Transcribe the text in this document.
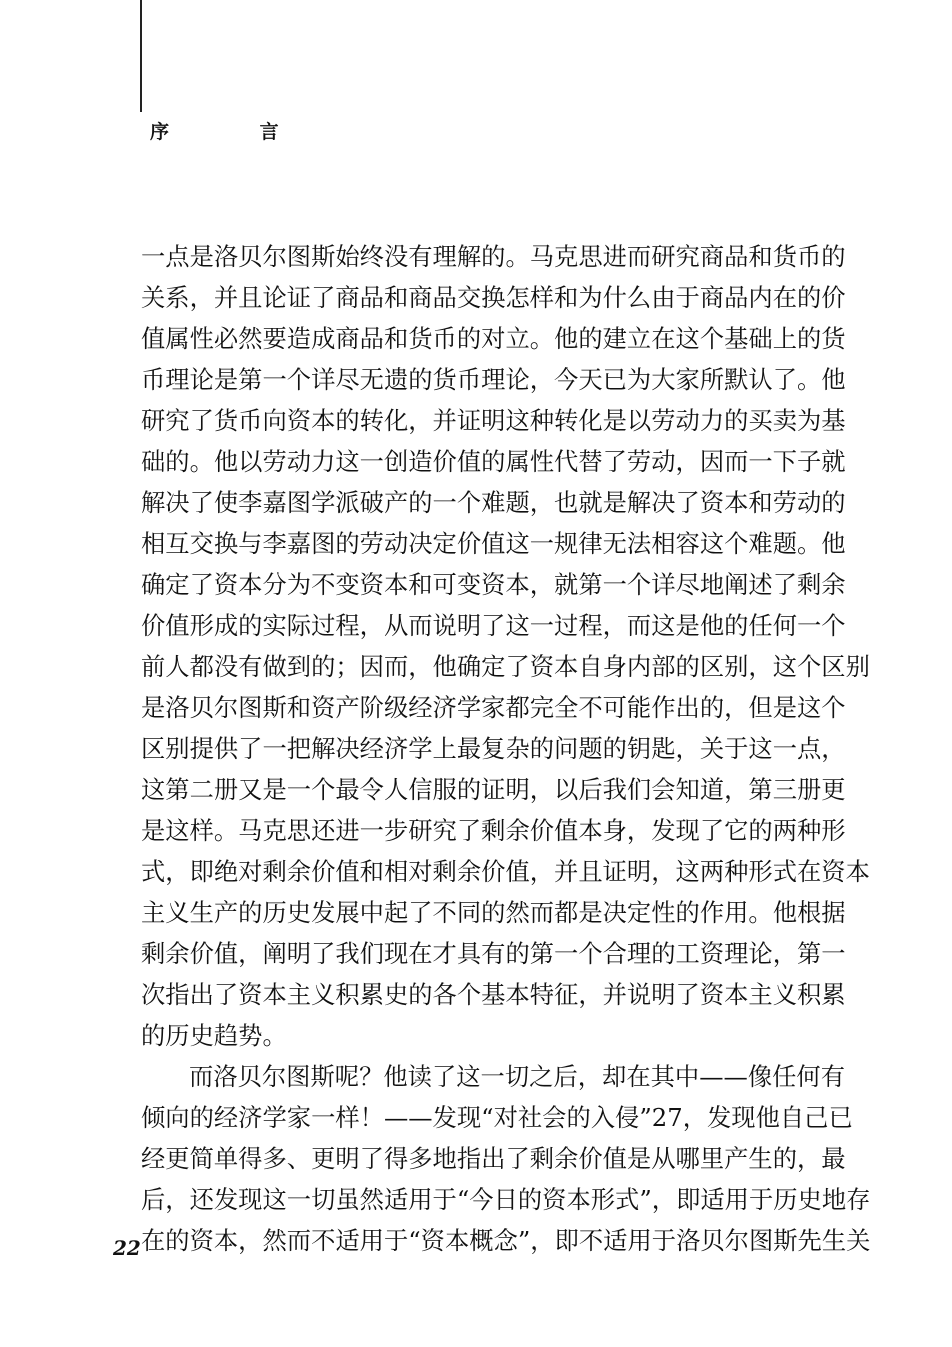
序 言

一点是洛贝尔图斯始终没有理解的。马克思进而研究商品和货币的
关系，并且论证了商品和商品交换怎样和为什么由于商品内在的价
值属性必然要造成商品和货币的对立。他的建立在这个基础上的货
币理论是第一个详尽无遗的货币理论，今天已为大家所默认了。他
研究了货币向资本的转化，并证明这种转化是以劳动力的买卖为基
础的。他以劳动力这一创造价值的属性代替了劳动，因而一下子就
解决了使李嘉图学派破产的一个难题，也就是解决了资本和劳动的
相互交换与李嘉图的劳动决定价值这一规律无法相容这个难题。他
确定了资本分为不变资本和可变资本，就第一个详尽地阐述了剩余
价值形成的实际过程，从而说明了这一过程，而这是他的任何一个
前人都没有做到的；因而，他确定了资本自身内部的区别，这个区别
是洛贝尔图斯和资产阶级经济学家都完全不可能作出的，但是这个
区别提供了一把解决经济学上最复杂的问题的钥匙，关于这一点，
这第二册又是一个最令人信服的证明，以后我们会知道，第三册更
是这样。马克思还进一步研究了剩余价值本身，发现了它的两种形
式，即绝对剩余价值和相对剩余价值，并且证明，这两种形式在资本
主义生产的历史发展中起了不同的然而都是决定性的作用。他根据
剩余价值，阐明了我们现在才具有的第一个合理的工资理论，第一
次指出了资本主义积累史的各个基本特征，并说明了资本主义积累
的历史趋势。

而洛贝尔图斯呢？他读了这一切之后，却在其中——像任何有
倾向的经济学家一样！——发现“对社会的入侵”27，发现他自己已
经更简单得多、更明了得多地指出了剩余价值是从哪里产生的，最
后，还发现这一切虽然适用于“今日的资本形式”，即适用于历史地存
在的资本，然而不适用于“资本概念”，即不适用于洛贝尔图斯先生关

22
